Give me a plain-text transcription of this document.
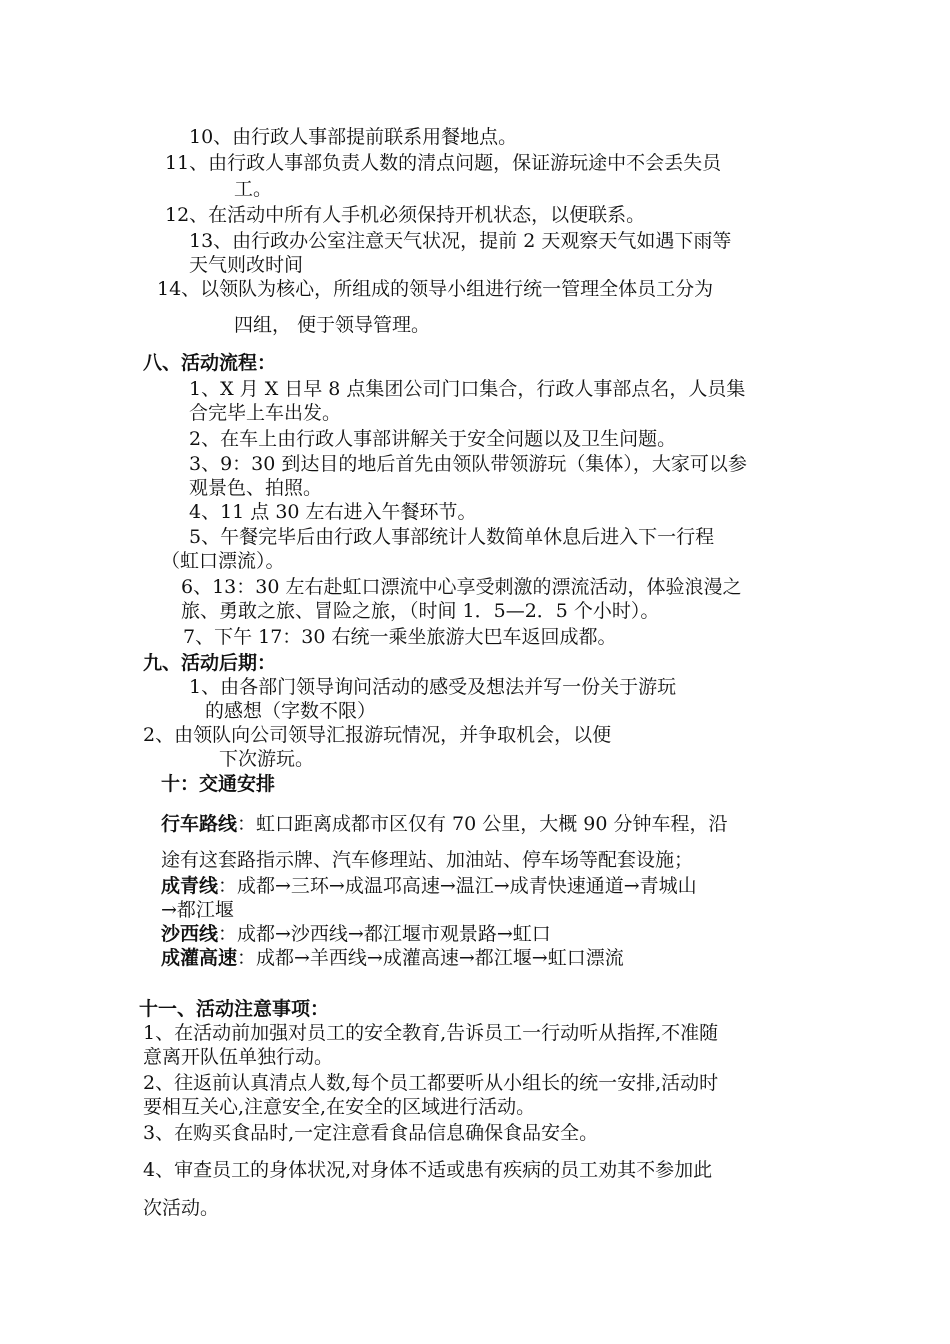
10、由行政人事部提前联系用餐地点。
11、由行政人事部负责人数的清点问题，保证游玩途中不会丢失员
工。
12、在活动中所有人手机必须保持开机状态，以便联系。
13、由行政办公室注意天气状况，提前 2 天观察天气如遇下雨等
天气则改时间
14、以领队为核心，所组成的领导小组进行统一管理全体员工分为
四组， 便于领导管理。
八、活动流程：
1、X 月 X 日早 8 点集团公司门口集合，行政人事部点名，人员集
合完毕上车出发。
2、在车上由行政人事部讲解关于安全问题以及卫生问题。
3、9：30 到达目的地后首先由领队带领游玩（集体），大家可以参
观景色、拍照。
4、11 点 30 左右进入午餐环节。
5、午餐完毕后由行政人事部统计人数简单休息后进入下一行程
（虹口漂流）。
6、13：30 左右赴虹口漂流中心享受刺激的漂流活动，体验浪漫之
旅、勇敢之旅、冒险之旅，（时间 1．5—2．5 个小时）。
7、下午 17：30 右统一乘坐旅游大巴车返回成都。
九、活动后期：
1、由各部门领导询问活动的感受及想法并写一份关于游玩
的感想（字数不限）
2、由领队向公司领导汇报游玩情况，并争取机会，以便
下次游玩。
十：交通安排
行车路线：虹口距离成都市区仅有 70 公里，大概 90 分钟车程，沿
途有这套路指示牌、汽车修理站、加油站、停车场等配套设施；
成青线：成都→三环→成温邛高速→温江→成青快速通道→青城山
→都江堰
沙西线：成都→沙西线→都江堰市观景路→虹口
成灌高速：成都→羊西线→成灌高速→都江堰→虹口漂流
十一、活动注意事项：
1、在活动前加强对员工的安全教育,告诉员工一行动听从指挥,不准随
意离开队伍单独行动。
2、往返前认真清点人数,每个员工都要听从小组长的统一安排,活动时
要相互关心,注意安全,在安全的区域进行活动。
3、在购买食品时,一定注意看食品信息确保食品安全。
4、审查员工的身体状况,对身体不适或患有疾病的员工劝其不参加此
次活动。
